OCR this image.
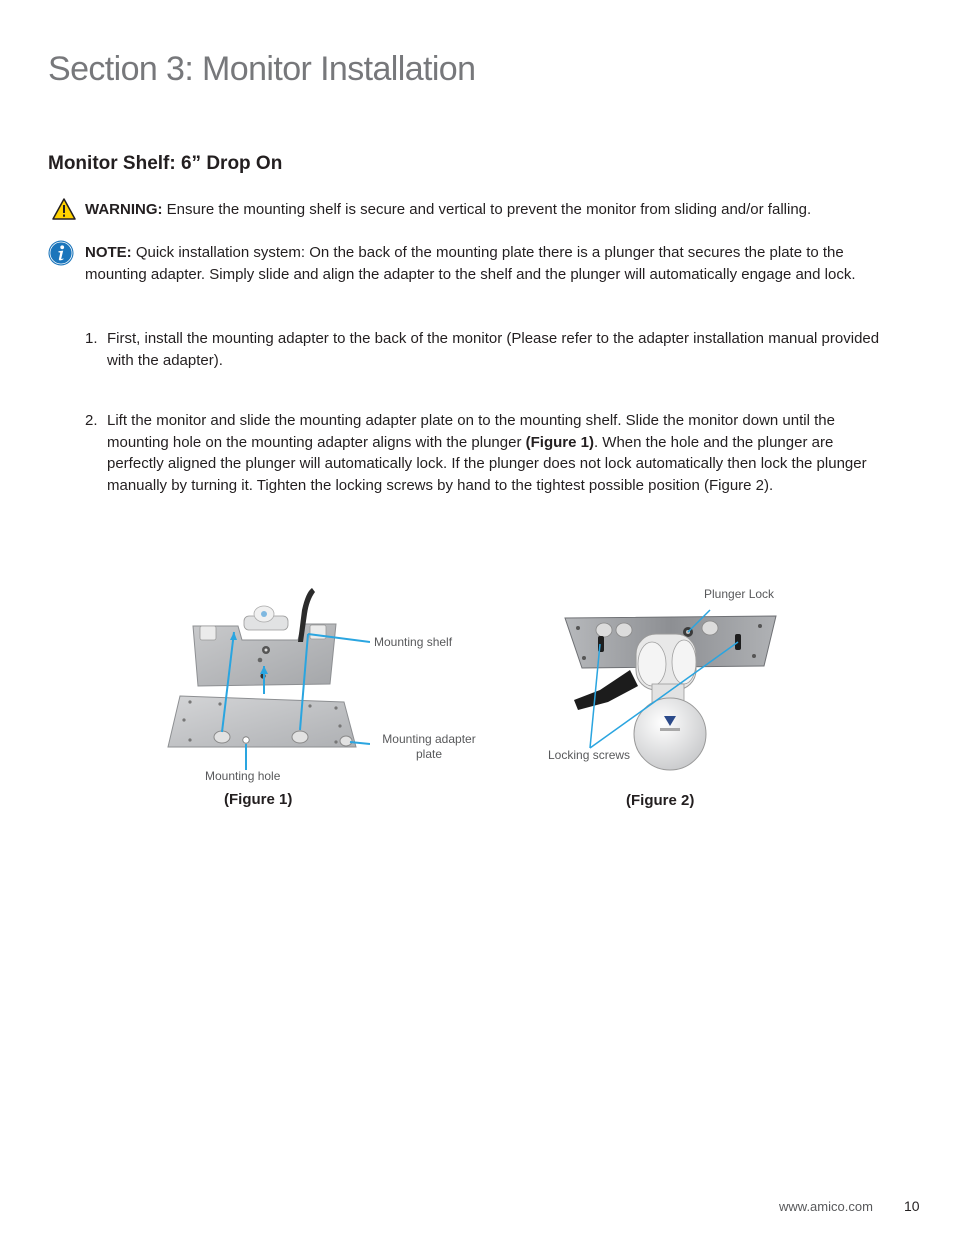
Section 3: Monitor Installation
Monitor Shelf: 6” Drop On
WARNING: Ensure the mounting shelf is secure and vertical to prevent the monitor from sliding and/or falling.
NOTE: Quick installation system: On the back of the mounting plate there is a plunger that secures the plate to the mounting adapter. Simply slide and align the adapter to the shelf and the plunger will automatically engage and lock.
1. First, install the mounting adapter to the back of the monitor (Please refer to the adapter installation manual provided with the adapter).
2. Lift the monitor and slide the mounting adapter plate on to the mounting shelf. Slide the monitor down until the mounting hole on the mounting adapter aligns with the plunger (Figure 1). When the hole and the plunger are perfectly aligned the plunger will automatically lock. If the plunger does not lock automatically then lock the plunger manually by turning it. Tighten the locking screws by hand to the tightest possible position (Figure 2).
Mounting shelf
Mounting adapter
plate
Mounting hole
(Figure 1)
Plunger Lock
Locking screws
(Figure 2)
www.amico.com 10
